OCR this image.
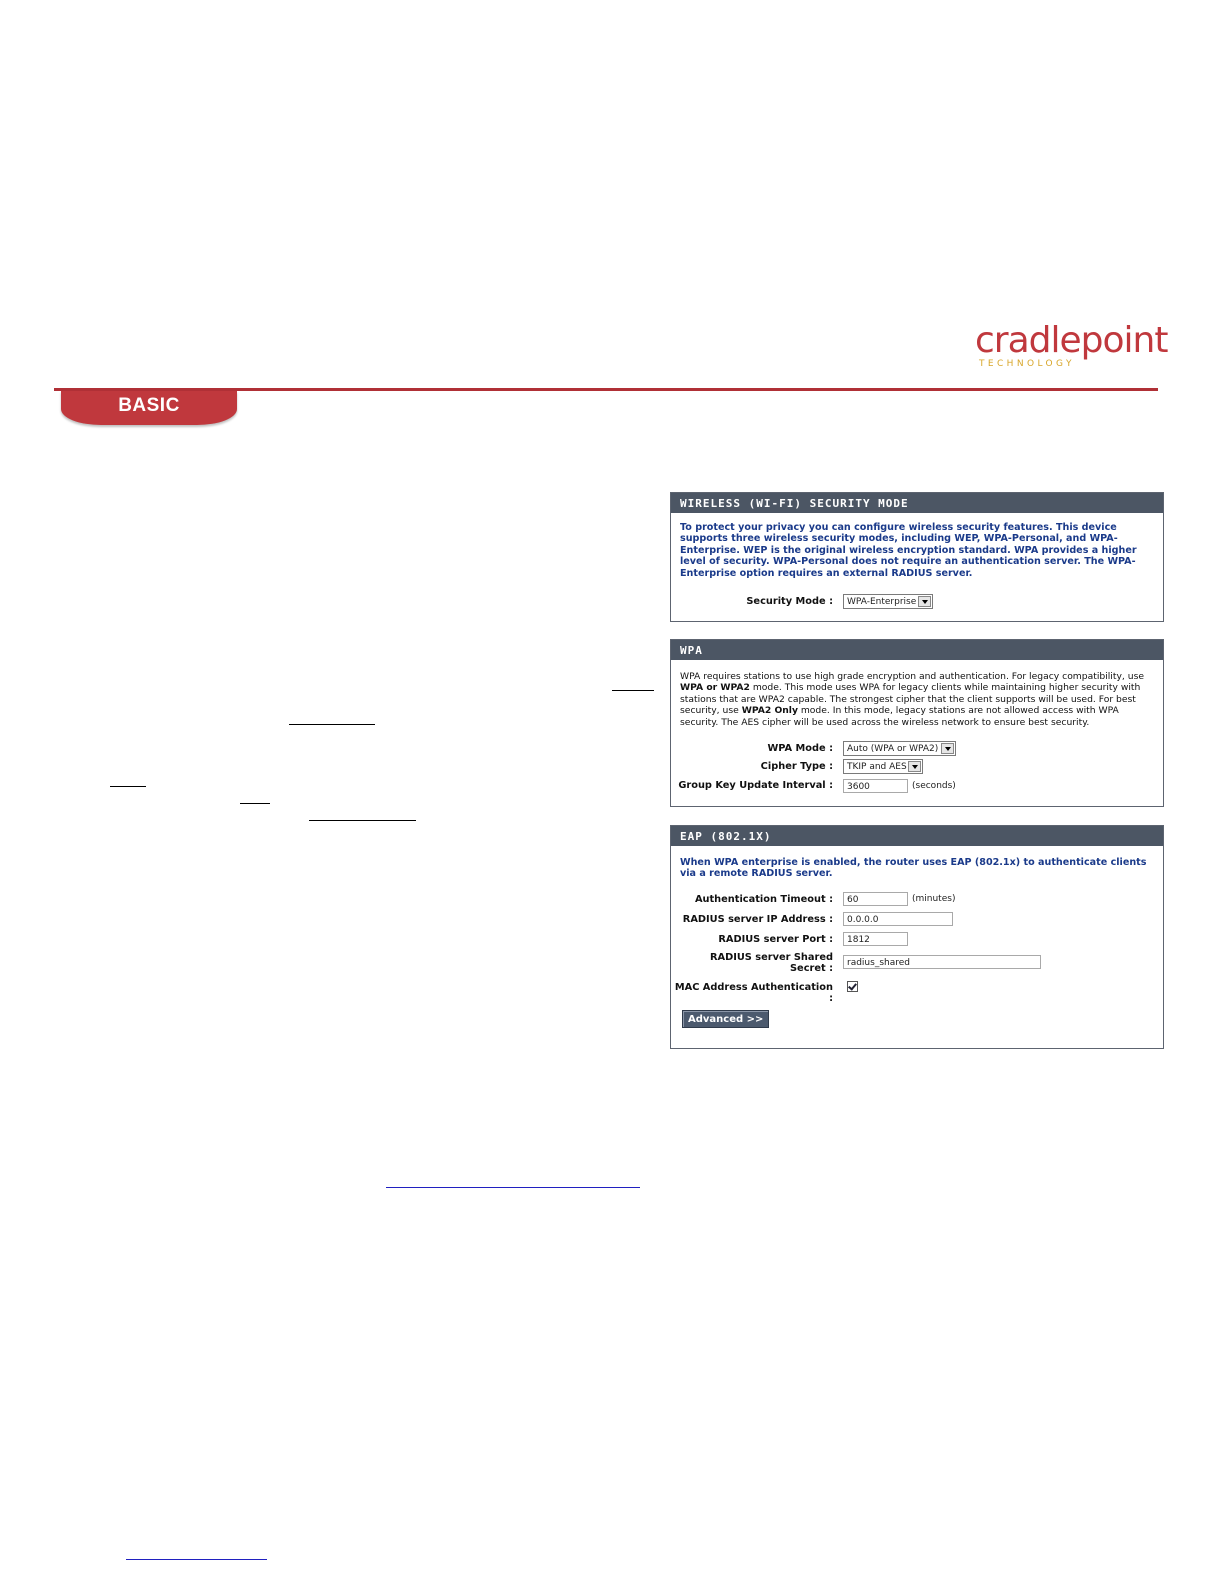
cradlepoint
TECHNOLOGY
BASIC
WIRELESS (WI-FI) SECURITY MODE
To protect your privacy you can configure wireless security features. This device supports three wireless security modes, including WEP, WPA-Personal, and WPA-Enterprise. WEP is the original wireless encryption standard. WPA provides a higher level of security. WPA-Personal does not require an authentication server. The WPA-Enterprise option requires an external RADIUS server.
Security Mode :	WPA-Enterprise
WPA
WPA requires stations to use high grade encryption and authentication. For legacy compatibility, use WPA or WPA2 mode. This mode uses WPA for legacy clients while maintaining higher security with stations that are WPA2 capable. The strongest cipher that the client supports will be used. For best security, use WPA2 Only mode. In this mode, legacy stations are not allowed access with WPA security. The AES cipher will be used across the wireless network to ensure best security.
WPA Mode :	Auto (WPA or WPA2)
Cipher Type :	TKIP and AES
Group Key Update Interval :	3600	(seconds)
EAP (802.1X)
When WPA enterprise is enabled, the router uses EAP (802.1x) to authenticate clients via a remote RADIUS server.
Authentication Timeout :	60	(minutes)
RADIUS server IP Address :	0.0.0.0
RADIUS server Port :	1812
RADIUS server Shared
Secret :	radius_shared
MAC Address Authentication :
Advanced >>
